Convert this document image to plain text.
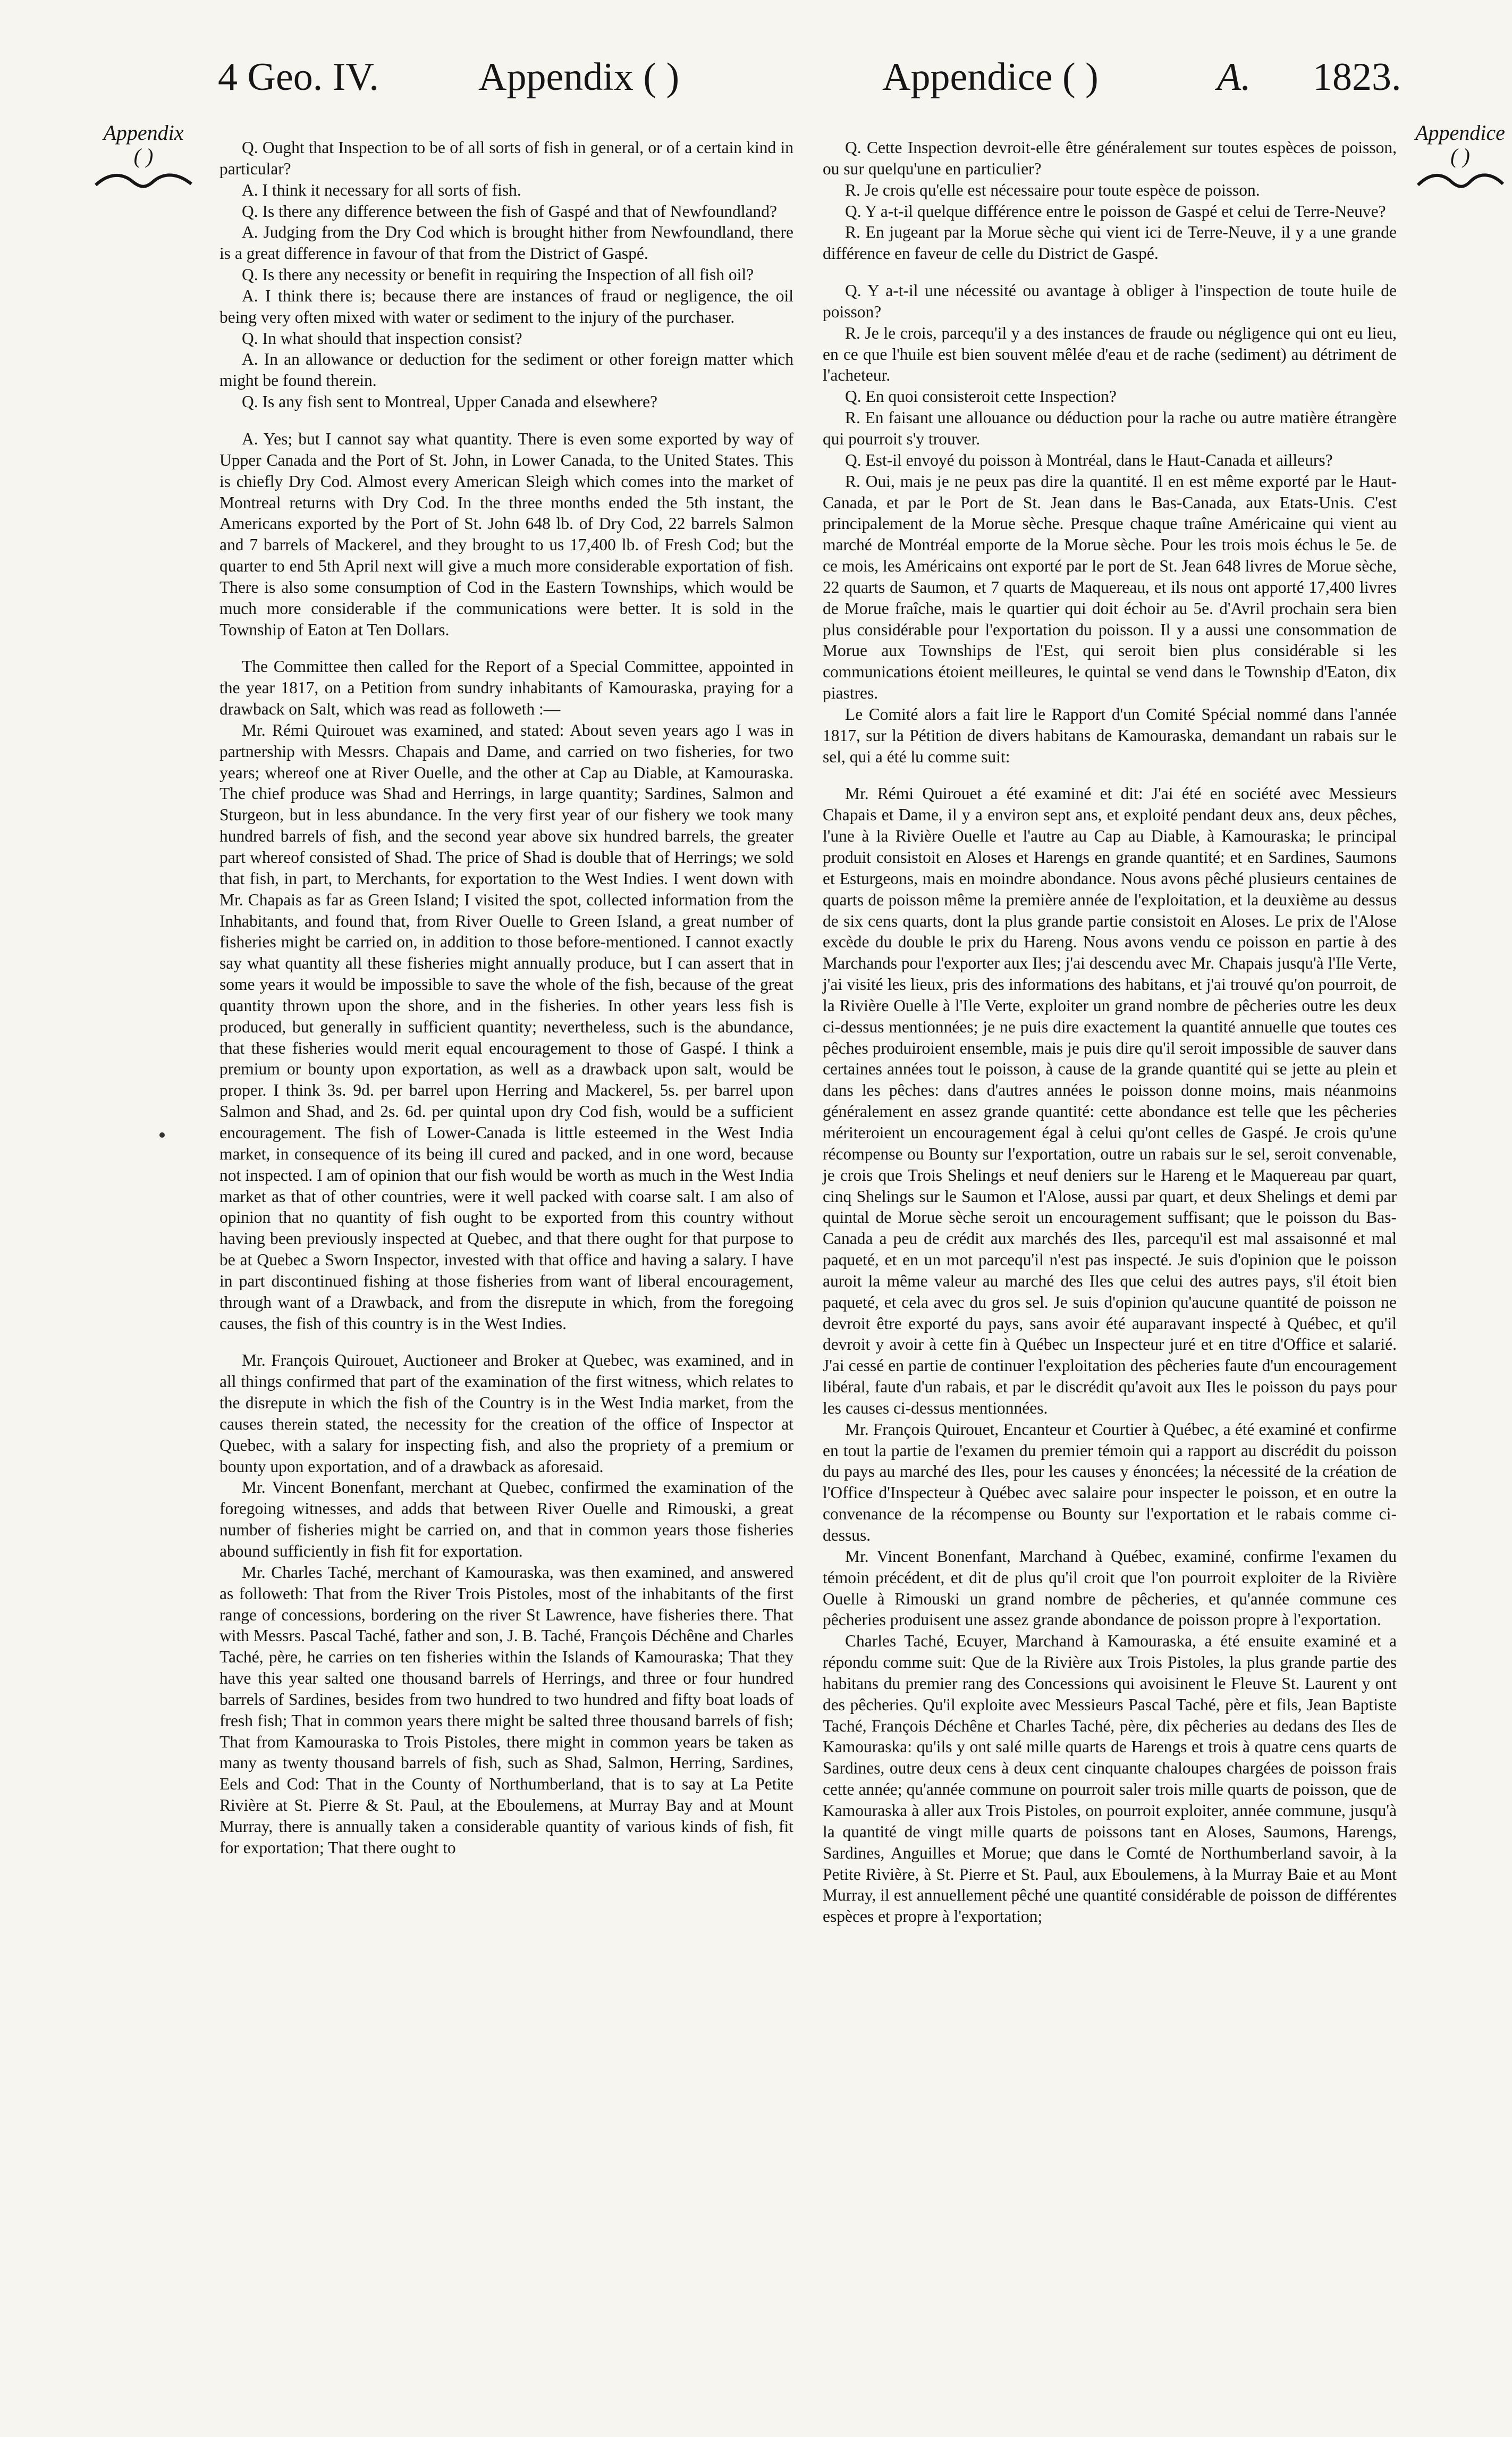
4 Geo. IV.	Appendix ( )	Appendice ( )	A. 1823.
Appendix
( )
Appendice
( )

Q. Ought that Inspection to be of all sorts of fish in general, or of a certain kind in particular?

A. I think it necessary for all sorts of fish.

Q. Is there any difference between the fish of Gaspé and that of Newfoundland?

A. Judging from the Dry Cod which is brought hither from Newfoundland, there is a great difference in favour of that from the District of Gaspé.

Q. Is there any necessity or benefit in requiring the Inspection of all fish oil?

A. I think there is; because there are instances of fraud or negligence, the oil being very often mixed with water or sediment to the injury of the purchaser.

Q. In what should that inspection consist?

A. In an allowance or deduction for the sediment or other foreign matter which might be found therein.

Q. Is any fish sent to Montreal, Upper Canada and elsewhere?

A. Yes; but I cannot say what quantity. There is even some exported by way of Upper Canada and the Port of St. John, in Lower Canada, to the United States. This is chiefly Dry Cod. Almost every American Sleigh which comes into the market of Montreal returns with Dry Cod. In the three months ended the 5th instant, the Americans exported by the Port of St. John 648 lb. of Dry Cod, 22 barrels Salmon and 7 barrels of Mackerel, and they brought to us 17,400 lb. of Fresh Cod; but the quarter to end 5th April next will give a much more considerable exportation of fish. There is also some consumption of Cod in the Eastern Townships, which would be much more considerable if the communications were better. It is sold in the Township of Eaton at Ten Dollars.

The Committee then called for the Report of a Special Committee, appointed in the year 1817, on a Petition from sundry inhabitants of Kamouraska, praying for a drawback on Salt, which was read as followeth :—

Mr. Rémi Quirouet was examined, and stated: About seven years ago I was in partnership with Messrs. Chapais and Dame, and carried on two fisheries, for two years; whereof one at River Ouelle, and the other at Cap au Diable, at Kamouraska. The chief produce was Shad and Herrings, in large quantity; Sardines, Salmon and Sturgeon, but in less abundance. In the very first year of our fishery we took many hundred barrels of fish, and the second year above six hundred barrels, the greater part whereof consisted of Shad. The price of Shad is double that of Herrings; we sold that fish, in part, to Merchants, for exportation to the West Indies. I went down with Mr. Chapais as far as Green Island; I visited the spot, collected information from the Inhabitants, and found that, from River Ouelle to Green Island, a great number of fisheries might be carried on, in addition to those before-mentioned. I cannot exactly say what quantity all these fisheries might annually produce, but I can assert that in some years it would be impossible to save the whole of the fish, because of the great quantity thrown upon the shore, and in the fisheries. In other years less fish is produced, but generally in sufficient quantity; nevertheless, such is the abundance, that these fisheries would merit equal encouragement to those of Gaspé. I think a premium or bounty upon exportation, as well as a drawback upon salt, would be proper. I think 3s. 9d. per barrel upon Herring and Mackerel, 5s. per barrel upon Salmon and Shad, and 2s. 6d. per quintal upon dry Cod fish, would be a sufficient encouragement. The fish of Lower-Canada is little esteemed in the West India market, in consequence of its being ill cured and packed, and in one word, because not inspected. I am of opinion that our fish would be worth as much in the West India market as that of other countries, were it well packed with coarse salt. I am also of opinion that no quantity of fish ought to be exported from this country without having been previously inspected at Quebec, and that there ought for that purpose to be at Quebec a Sworn Inspector, invested with that office and having a salary. I have in part discontinued fishing at those fisheries from want of liberal encouragement, through want of a Drawback, and from the disrepute in which, from the foregoing causes, the fish of this country is in the West Indies.

Mr. François Quirouet, Auctioneer and Broker at Quebec, was examined, and in all things confirmed that part of the examination of the first witness, which relates to the disrepute in which the fish of the Country is in the West India market, from the causes therein stated, the necessity for the creation of the office of Inspector at Quebec, with a salary for inspecting fish, and also the propriety of a premium or bounty upon exportation, and of a drawback as aforesaid.

Mr. Vincent Bonenfant, merchant at Quebec, confirmed the examination of the foregoing witnesses, and adds that between River Ouelle and Rimouski, a great number of fisheries might be carried on, and that in common years those fisheries abound sufficiently in fish fit for exportation.

Mr. Charles Taché, merchant of Kamouraska, was then examined, and answered as followeth: That from the River Trois Pistoles, most of the inhabitants of the first range of concessions, bordering on the river St Lawrence, have fisheries there. That with Messrs. Pascal Taché, father and son, J. B. Taché, François Déchêne and Charles Taché, père, he carries on ten fisheries within the Islands of Kamouraska; That they have this year salted one thousand barrels of Herrings, and three or four hundred barrels of Sardines, besides from two hundred to two hundred and fifty boat loads of fresh fish; That in common years there might be salted three thousand barrels of fish; That from Kamouraska to Trois Pistoles, there might in common years be taken as many as twenty thousand barrels of fish, such as Shad, Salmon, Herring, Sardines, Eels and Cod: That in the County of Northumberland, that is to say at La Petite Rivière at St. Pierre & St. Paul, at the Eboulemens, at Murray Bay and at Mount Murray, there is annually taken a considerable quantity of various kinds of fish, fit for exportation; That there ought to

Q. Cette Inspection devroit-elle être généralement sur toutes espèces de poisson, ou sur quelqu'une en particulier?

R. Je crois qu'elle est nécessaire pour toute espèce de poisson.

Q. Y a-t-il quelque différence entre le poisson de Gaspé et celui de Terre-Neuve?

R. En jugeant par la Morue sèche qui vient ici de Terre-Neuve, il y a une grande différence en faveur de celle du District de Gaspé.

Q. Y a-t-il une nécessité ou avantage à obliger à l'inspection de toute huile de poisson?

R. Je le crois, parcequ'il y a des instances de fraude ou négligence qui ont eu lieu, en ce que l'huile est bien souvent mêlée d'eau et de rache (sediment) au détriment de l'acheteur.

Q. En quoi consisteroit cette Inspection?

R. En faisant une allouance ou déduction pour la rache ou autre matière étrangère qui pourroit s'y trouver.

Q. Est-il envoyé du poisson à Montréal, dans le Haut-Canada et ailleurs?

R. Oui, mais je ne peux pas dire la quantité. Il en est même exporté par le Haut-Canada, et par le Port de St. Jean dans le Bas-Canada, aux Etats-Unis. C'est principalement de la Morue sèche. Presque chaque traîne Américaine qui vient au marché de Montréal emporte de la Morue sèche. Pour les trois mois échus le 5e. de ce mois, les Américains ont exporté par le port de St. Jean 648 livres de Morue sèche, 22 quarts de Saumon, et 7 quarts de Maquereau, et ils nous ont apporté 17,400 livres de Morue fraîche, mais le quartier qui doit échoir au 5e. d'Avril prochain sera bien plus considérable pour l'exportation du poisson. Il y a aussi une consommation de Morue aux Townships de l'Est, qui seroit bien plus considérable si les communications étoient meilleures, le quintal se vend dans le Township d'Eaton, dix piastres.

Le Comité alors a fait lire le Rapport d'un Comité Spécial nommé dans l'année 1817, sur la Pétition de divers habitans de Kamouraska, demandant un rabais sur le sel, qui a été lu comme suit:

Mr. Rémi Quirouet a été examiné et dit: J'ai été en société avec Messieurs Chapais et Dame, il y a environ sept ans, et exploité pendant deux ans, deux pêches, l'une à la Rivière Ouelle et l'autre au Cap au Diable, à Kamouraska; le principal produit consistoit en Aloses et Harengs en grande quantité; et en Sardines, Saumons et Esturgeons, mais en moindre abondance. Nous avons pêché plusieurs centaines de quarts de poisson même la première année de l'exploitation, et la deuxième au dessus de six cens quarts, dont la plus grande partie consistoit en Aloses. Le prix de l'Alose excède du double le prix du Hareng. Nous avons vendu ce poisson en partie à des Marchands pour l'exporter aux Iles; j'ai descendu avec Mr. Chapais jusqu'à l'Ile Verte, j'ai visité les lieux, pris des informations des habitans, et j'ai trouvé qu'on pourroit, de la Rivière Ouelle à l'Ile Verte, exploiter un grand nombre de pêcheries outre les deux ci-dessus mentionnées; je ne puis dire exactement la quantité annuelle que toutes ces pêches produiroient ensemble, mais je puis dire qu'il seroit impossible de sauver dans certaines années tout le poisson, à cause de la grande quantité qui se jette au plein et dans les pêches: dans d'autres années le poisson donne moins, mais néanmoins généralement en assez grande quantité: cette abondance est telle que les pêcheries mériteroient un encouragement égal à celui qu'ont celles de Gaspé. Je crois qu'une récompense ou Bounty sur l'exportation, outre un rabais sur le sel, seroit convenable, je crois que Trois Shelings et neuf deniers sur le Hareng et le Maquereau par quart, cinq Shelings sur le Saumon et l'Alose, aussi par quart, et deux Shelings et demi par quintal de Morue sèche seroit un encouragement suffisant; que le poisson du Bas-Canada a peu de crédit aux marchés des Iles, parcequ'il est mal assaisonné et mal paqueté, et en un mot parcequ'il n'est pas inspecté. Je suis d'opinion que le poisson auroit la même valeur au marché des Iles que celui des autres pays, s'il étoit bien paqueté, et cela avec du gros sel. Je suis d'opinion qu'aucune quantité de poisson ne devroit être exporté du pays, sans avoir été auparavant inspecté à Québec, et qu'il devroit y avoir à cette fin à Québec un Inspecteur juré et en titre d'Office et salarié. J'ai cessé en partie de continuer l'exploitation des pêcheries faute d'un encouragement libéral, faute d'un rabais, et par le discrédit qu'avoit aux Iles le poisson du pays pour les causes ci-dessus mentionnées.

Mr. François Quirouet, Encanteur et Courtier à Québec, a été examiné et confirme en tout la partie de l'examen du premier témoin qui a rapport au discrédit du poisson du pays au marché des Iles, pour les causes y énoncées; la nécessité de la création de l'Office d'Inspecteur à Québec avec salaire pour inspecter le poisson, et en outre la convenance de la récompense ou Bounty sur l'exportation et le rabais comme ci-dessus.

Mr. Vincent Bonenfant, Marchand à Québec, examiné, confirme l'examen du témoin précédent, et dit de plus qu'il croit que l'on pourroit exploiter de la Rivière Ouelle à Rimouski un grand nombre de pêcheries, et qu'année commune ces pêcheries produisent une assez grande abondance de poisson propre à l'exportation.

Charles Taché, Ecuyer, Marchand à Kamouraska, a été ensuite examiné et a répondu comme suit: Que de la Rivière aux Trois Pistoles, la plus grande partie des habitans du premier rang des Concessions qui avoisinent le Fleuve St. Laurent y ont des pêcheries. Qu'il exploite avec Messieurs Pascal Taché, père et fils, Jean Baptiste Taché, François Déchêne et Charles Taché, père, dix pêcheries au dedans des Iles de Kamouraska: qu'ils y ont salé mille quarts de Harengs et trois à quatre cens quarts de Sardines, outre deux cens à deux cent cinquante chaloupes chargées de poisson frais cette année; qu'année commune on pourroit saler trois mille quarts de poisson, que de Kamouraska à aller aux Trois Pistoles, on pourroit exploiter, année commune, jusqu'à la quantité de vingt mille quarts de poissons tant en Aloses, Saumons, Harengs, Sardines, Anguilles et Morue; que dans le Comté de Northumberland savoir, à la Petite Rivière, à St. Pierre et St. Paul, aux Eboulemens, à la Murray Baie et au Mont Murray, il est annuellement pêché une quantité considérable de poisson de différentes espèces et propre à l'exportation;
